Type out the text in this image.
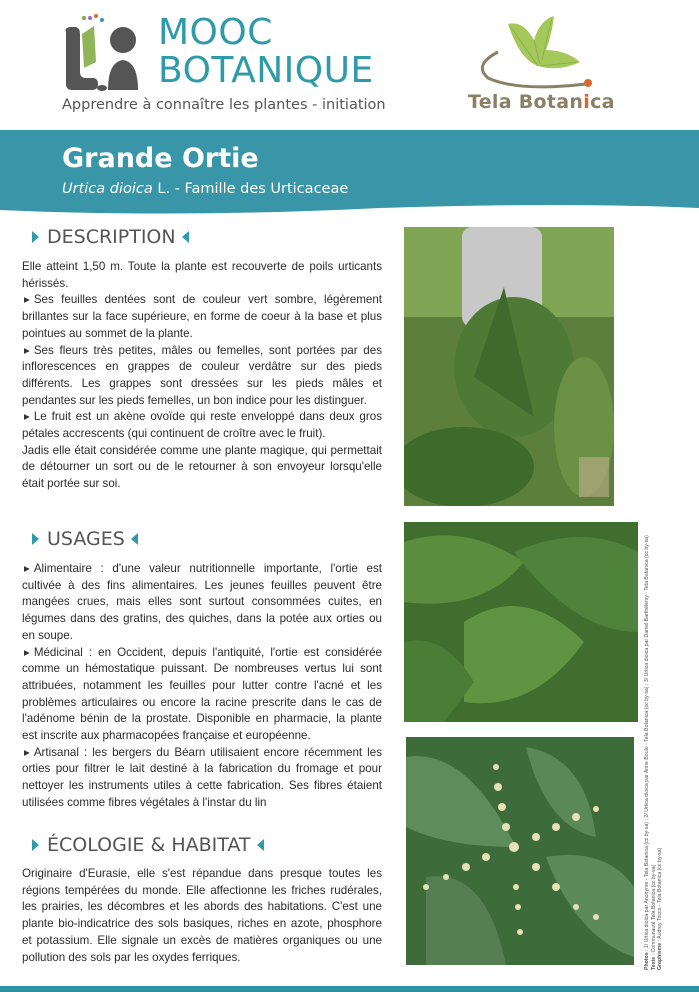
MOOC
BOTANIQUE
Apprendre à connaître les plantes - initiation	Tela Botanica
Grande Ortie
Urtica dioica L. - Famille des Urticaceae
DESCRIPTION

Elle atteint 1,50 m. Toute la plante est recouverte de poils urticants hérissés.

▸ Ses feuilles dentées sont de couleur vert sombre, légèrement brillantes sur la face supérieure, en forme de coeur à la base et plus pointues au sommet de la plante.

▸ Ses fleurs très petites, mâles ou femelles, sont portées par des inflorescences en grappes de couleur verdâtre sur des pieds différents. Les grappes sont dressées sur les pieds mâles et pendantes sur les pieds femelles, un bon indice pour les distinguer.

▸ Le fruit est un akène ovoïde qui reste enveloppé dans deux gros pétales accrescents (qui continuent de croître avec le fruit).

Jadis elle était considérée comme une plante magique, qui permettait de détourner un sort ou de le retourner à son envoyeur lorsqu'elle était portée sur soi.

USAGES

▸ Alimentaire : d'une valeur nutritionnelle importante, l'ortie est cultivée à des fins alimentaires. Les jeunes feuilles peuvent être mangées crues, mais elles sont surtout consommées cuites, en légumes dans des gratins, des quiches, dans la potée aux orties ou en soupe.

▸ Médicinal : en Occident, depuis l'antiquité, l'ortie est considérée comme un hémostatique puissant. De nombreuses vertus lui sont attribuées, notamment les feuilles pour lutter contre l'acné et les problèmes articulaires ou encore la racine prescrite dans le cas de l'adénome bénin de la prostate. Disponible en pharmacie, la plante est inscrite aux pharmacopées française et européenne.

▸ Artisanal : les bergers du Béarn utilisaient encore récemment les orties pour filtrer le lait destiné à la fabrication du fromage et pour nettoyer les instruments utiles à cette fabrication. Ses fibres étaient utilisées comme fibres végétales à l'instar du lin

ÉCOLOGIE & HABITAT

Originaire d'Eurasie, elle s'est répandue dans presque toutes les régions tempérées du monde. Elle affectionne les friches rudérales, les prairies, les décombres et les abords des habitations. C'est une plante bio-indicatrice des sols basiques, riches en azote, phosphore et potassium. Elle signale un excès de matières organiques ou une pollution des sols par les oxydes ferriques.	Photos : 1/ Urtica dioica par Anonyme - Tela Botanica (cc by-sa) ; 2/ Urtica dioica par Anne Boulo - Tela Botanica (cc by-sa) ; 3/ Urtica dioica par Daniel Barthélemy - Tela Botanica (cc by-sa)
Texte : Communauté Tela Botanica (cc by-sa) Graphisme : Audrey Tocco - Tela Botanica (cc by-sa)
